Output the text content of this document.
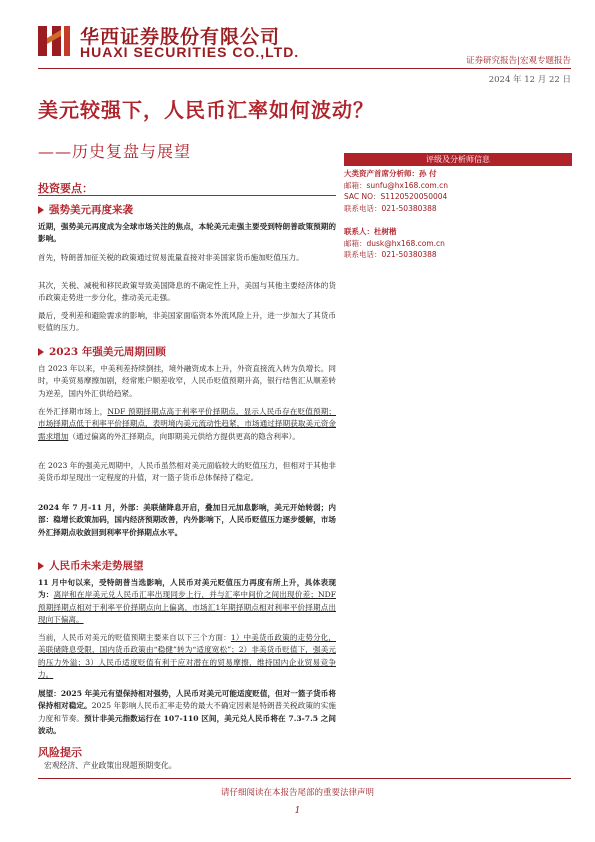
华西证券股份有限公司
HUAXI SECURITIES CO.,LTD.
证券研究报告|宏观专题报告
2024 年 12 月 22 日
美元较强下，人民币汇率如何波动？
——历史复盘与展望	评级及分析师信息
大类资产首席分析师：孙 付
邮箱：sunfu@hx168.com.cn
SAC NO：S1120520050004
联系电话：021-50380388
联系人：杜树楷
邮箱：dusk@hx168.com.cn
联系电话：021-50380388
投资要点：
强势美元再度来袭
近期，强势美元再度成为全球市场关注的焦点，本轮美元走强主要受到特朗普政策预期的影响。
首先，特朗普加征关税的政策通过贸易流量直接对非美国家货币施加贬值压力。
其次，关税、减税和移民政策导致美国降息的不确定性上升，美国与其他主要经济体的货币政策走势进一步分化，推动美元走强。
最后，受利差和避险需求的影响，非美国家面临资本外流风险上升，进一步加大了其货币贬值的压力。
2023 年强美元周期回顾
自 2023 年以来，中美利差持续倒挂，境外融资成本上升，外资直接流入转为负增长。同时，中美贸易摩擦加剧，经常账户顺差收窄，人民币贬值预期升高，银行结售汇从顺差转为逆差，国内外汇供给趋紧。
在外汇择期市场上，NDF 预期择期点高于利率平价择期点，显示人民币存在贬值预期；市场择期点低于利率平价择期点，表明境内美元流动性趋紧，市场通过择期获取美元资金需求增加（通过偏离的外汇择期点，向即期美元供给方提供更高的隐含利率）。
在 2023 年的强美元周期中，人民币虽然相对美元面临较大的贬值压力，但相对于其他非美货币却呈现出一定程度的升值，对一篮子货币总体保持了稳定。
2024 年 7 月-11 月，外部：美联储降息开启，叠加日元加息影响，美元开始转弱；内部：稳增长政策加码，国内经济预期改善，内外影响下，人民币贬值压力逐步缓解，市场外汇择期点收敛回到利率平价择期点水平。
人民币未来走势展望
11 月中旬以来，受特朗普当选影响，人民币对美元贬值压力再度有所上升，具体表现为：离岸和在岸美元兑人民币汇率出现同步上行，并与汇率中间价之间出现价差；NDF 预期择期点相对于利率平价择期点向上偏离，市场汇1年期择期点相对利率平价择期点出现向下偏离。
当前，人民币对美元的贬值预期主要来自以下三个方面：1）中美货币政策的走势分化，美联储降息受限，国内货币政策由“稳健”转为“适度宽松”；2）非美货币贬值下，强美元的压力外溢；3）人民币适度贬值有利于应对潜在的贸易摩擦，维持国内企业贸易竞争力。
展望：2025 年美元有望保持相对强势，人民币对美元可能适度贬值，但对一篮子货币将保持相对稳定。2025 年影响人民币汇率走势的最大不确定因素是特朗普关税政策的实施力度和节奏。预计非美元指数运行在 107-110 区间，美元兑人民币将在 7.3-7.5 之间波动。
风险提示
宏观经济、产业政策出现超预期变化。
请仔细阅读在本报告尾部的重要法律声明
1
